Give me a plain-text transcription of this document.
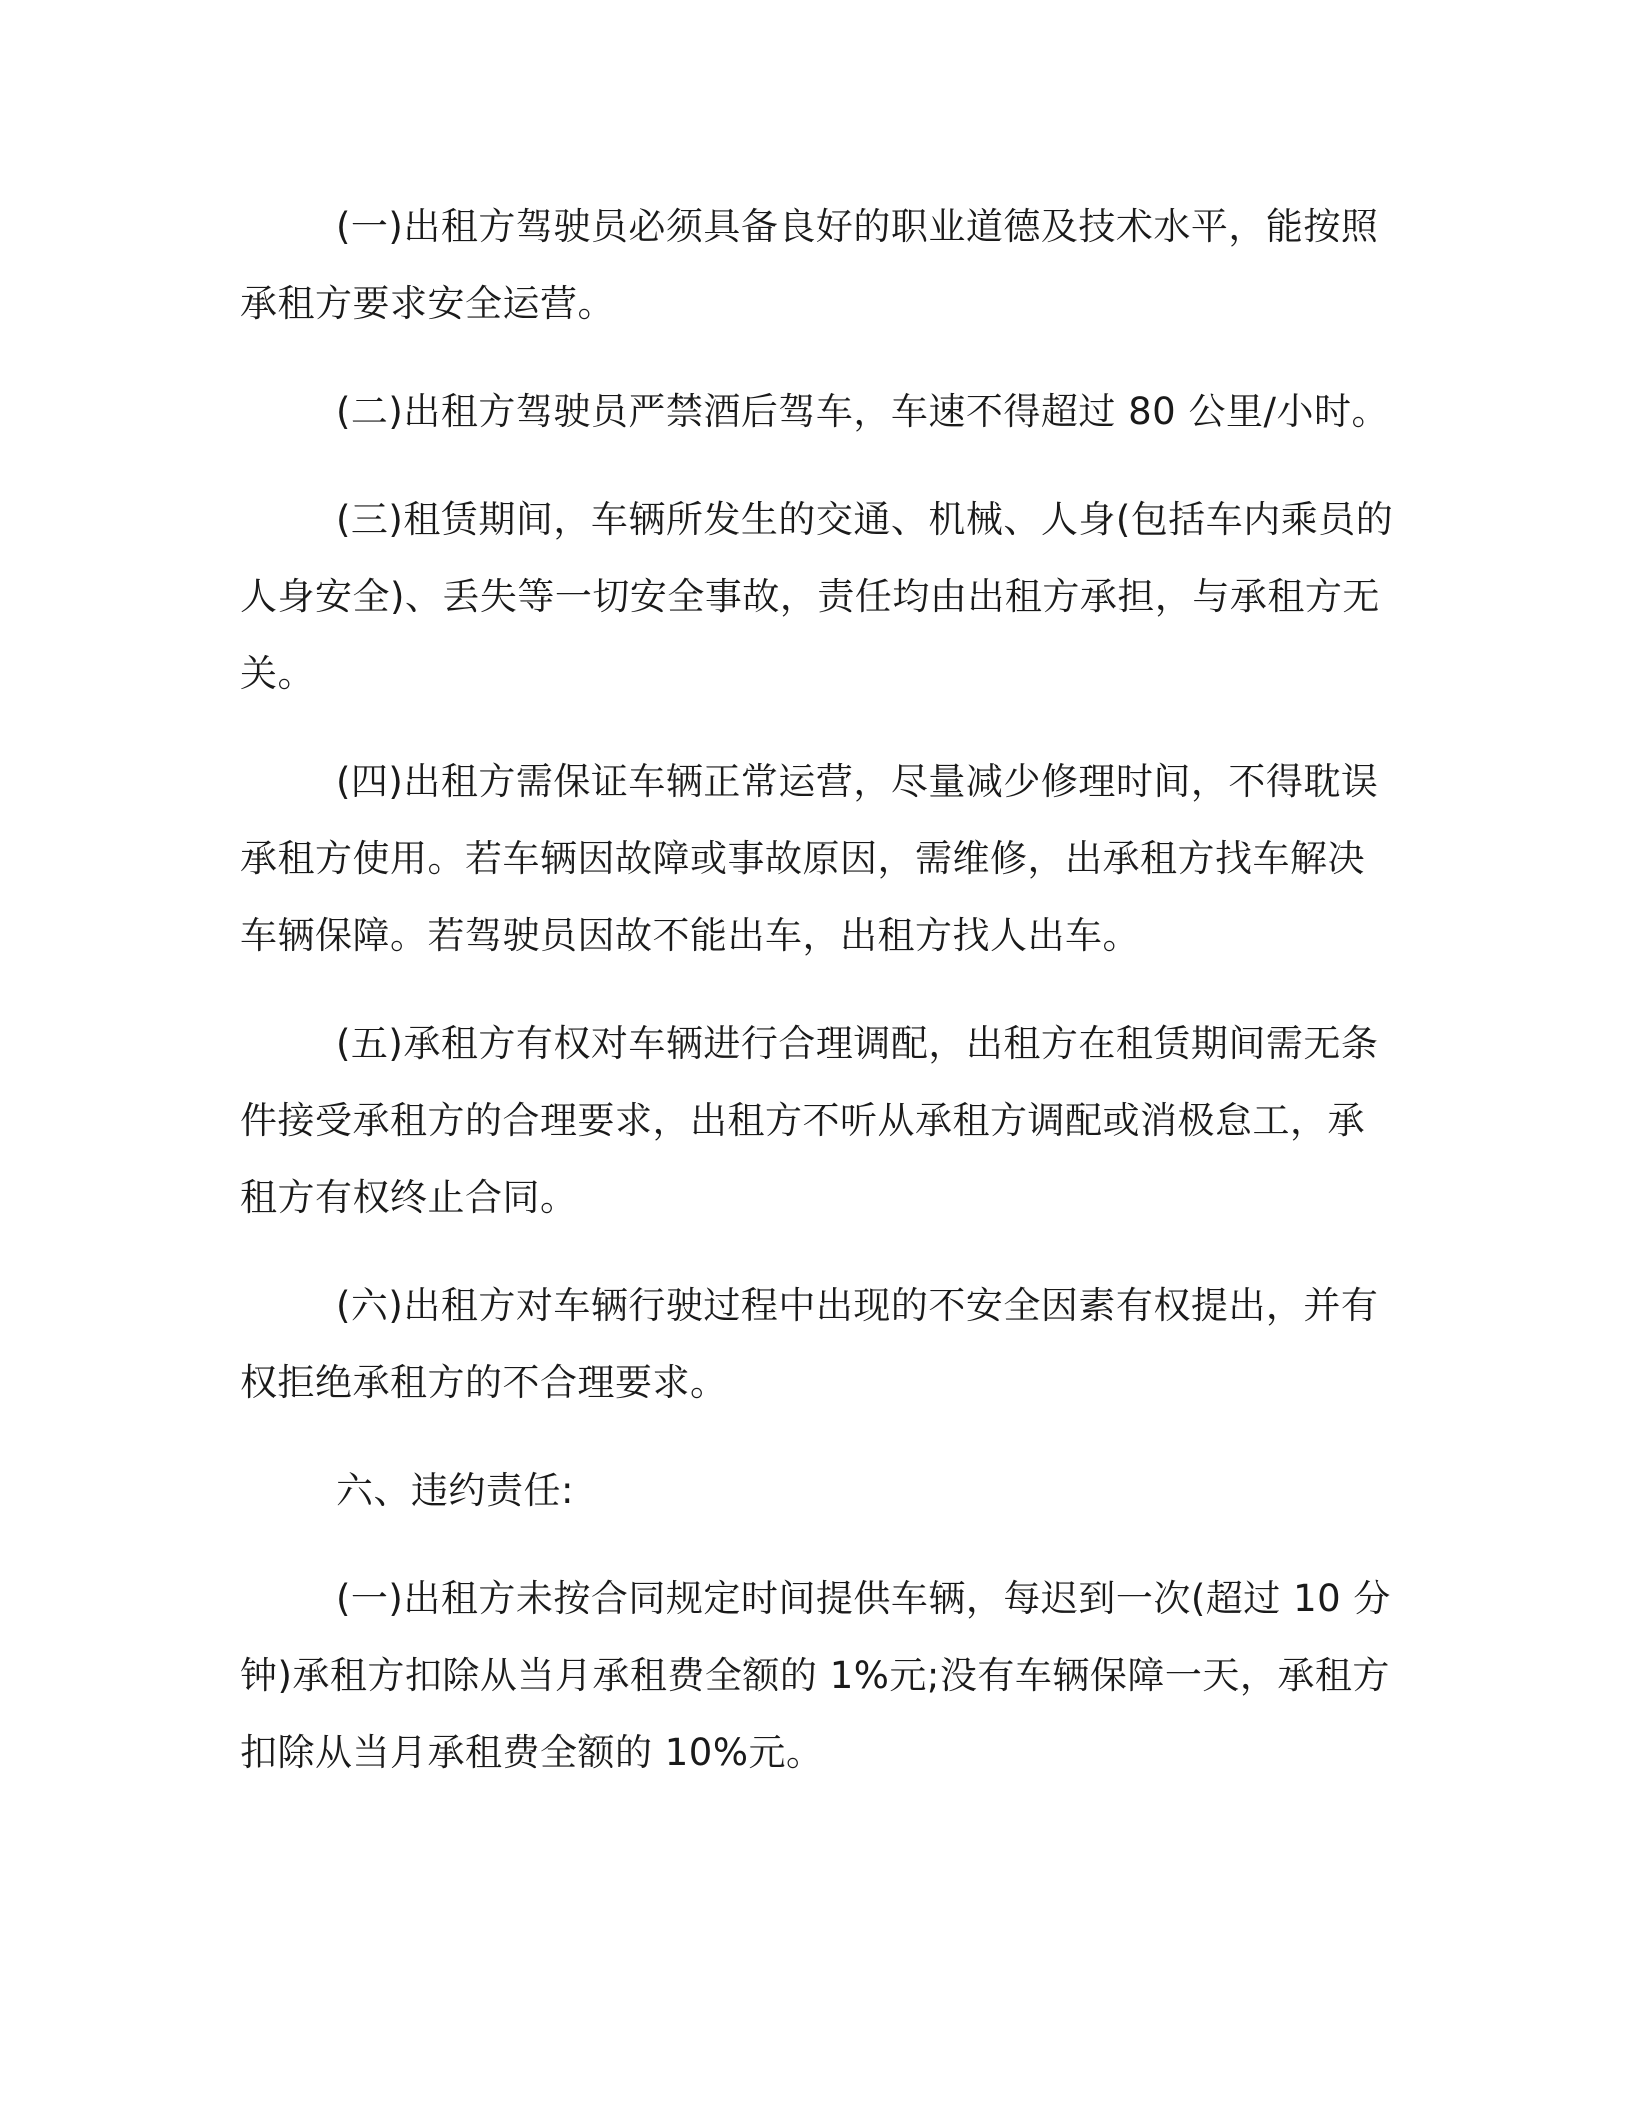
(一)出租方驾驶员必须具备良好的职业道德及技术水平，能按照
承租方要求安全运营。

(二)出租方驾驶员严禁酒后驾车，车速不得超过 80 公里/小时。

(三)租赁期间，车辆所发生的交通、机械、人身(包括车内乘员的
人身安全)、丢失等一切安全事故，责任均由出租方承担，与承租方无
关。

(四)出租方需保证车辆正常运营，尽量减少修理时间，不得耽误
承租方使用。若车辆因故障或事故原因，需维修，出承租方找车解决
车辆保障。若驾驶员因故不能出车，出租方找人出车。

(五)承租方有权对车辆进行合理调配，出租方在租赁期间需无条
件接受承租方的合理要求，出租方不听从承租方调配或消极怠工，承
租方有权终止合同。

(六)出租方对车辆行驶过程中出现的不安全因素有权提出，并有
权拒绝承租方的不合理要求。

六、违约责任:

(一)出租方未按合同规定时间提供车辆，每迟到一次(超过 10 分
钟)承租方扣除从当月承租费全额的 1%元;没有车辆保障一天，承租方
扣除从当月承租费全额的 10%元。
